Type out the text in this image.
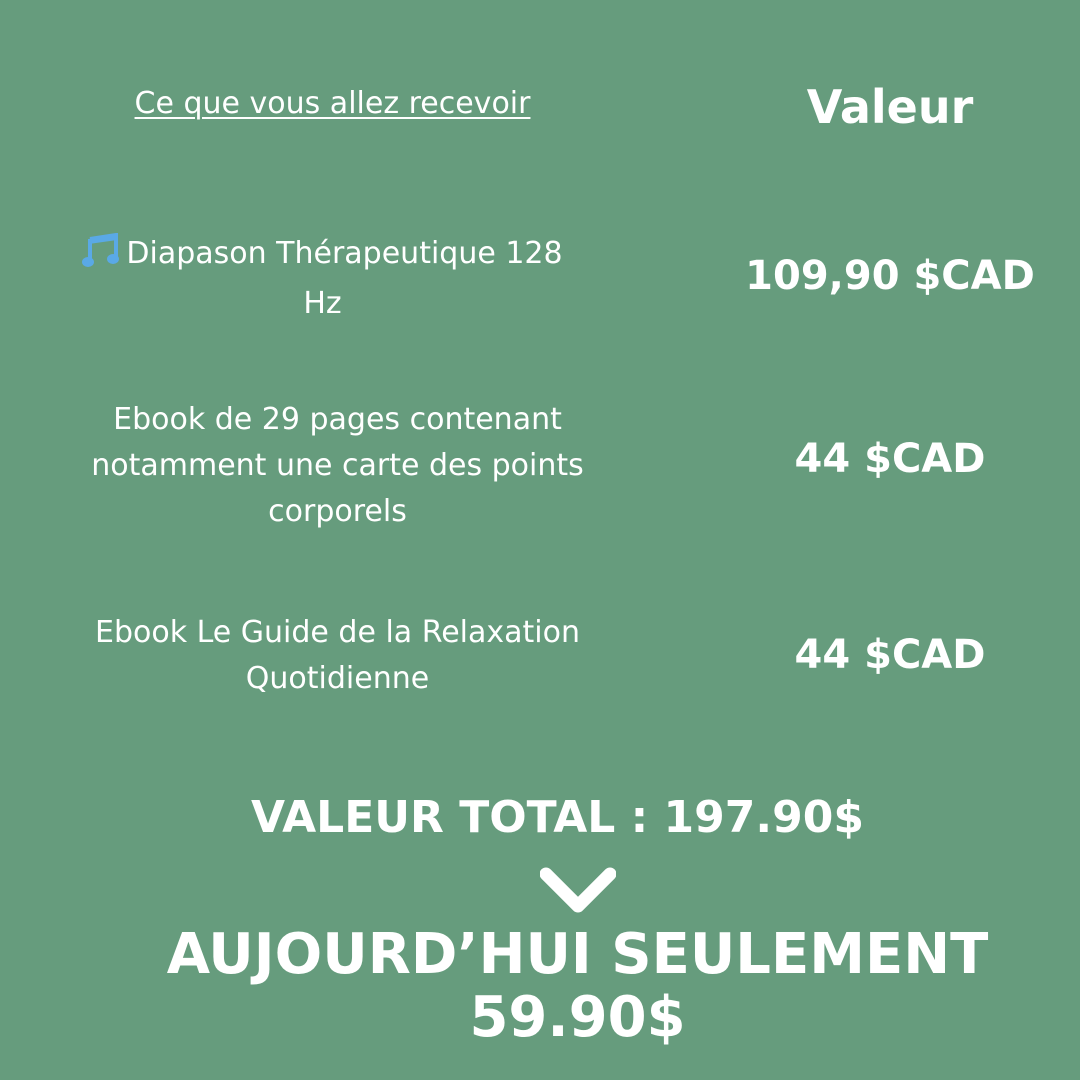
Ce que vous allez recevoir	Valeur
Diapason Thérapeutique 128
Hz
109,90 $CAD
Ebook de 29 pages contenant
notamment une carte des points
corporels
44 $CAD
Ebook Le Guide de la Relaxation
Quotidienne
44 $CAD
VALEUR TOTAL : 197.90$
AUJOURD’HUI SEULEMENT
59.90$
